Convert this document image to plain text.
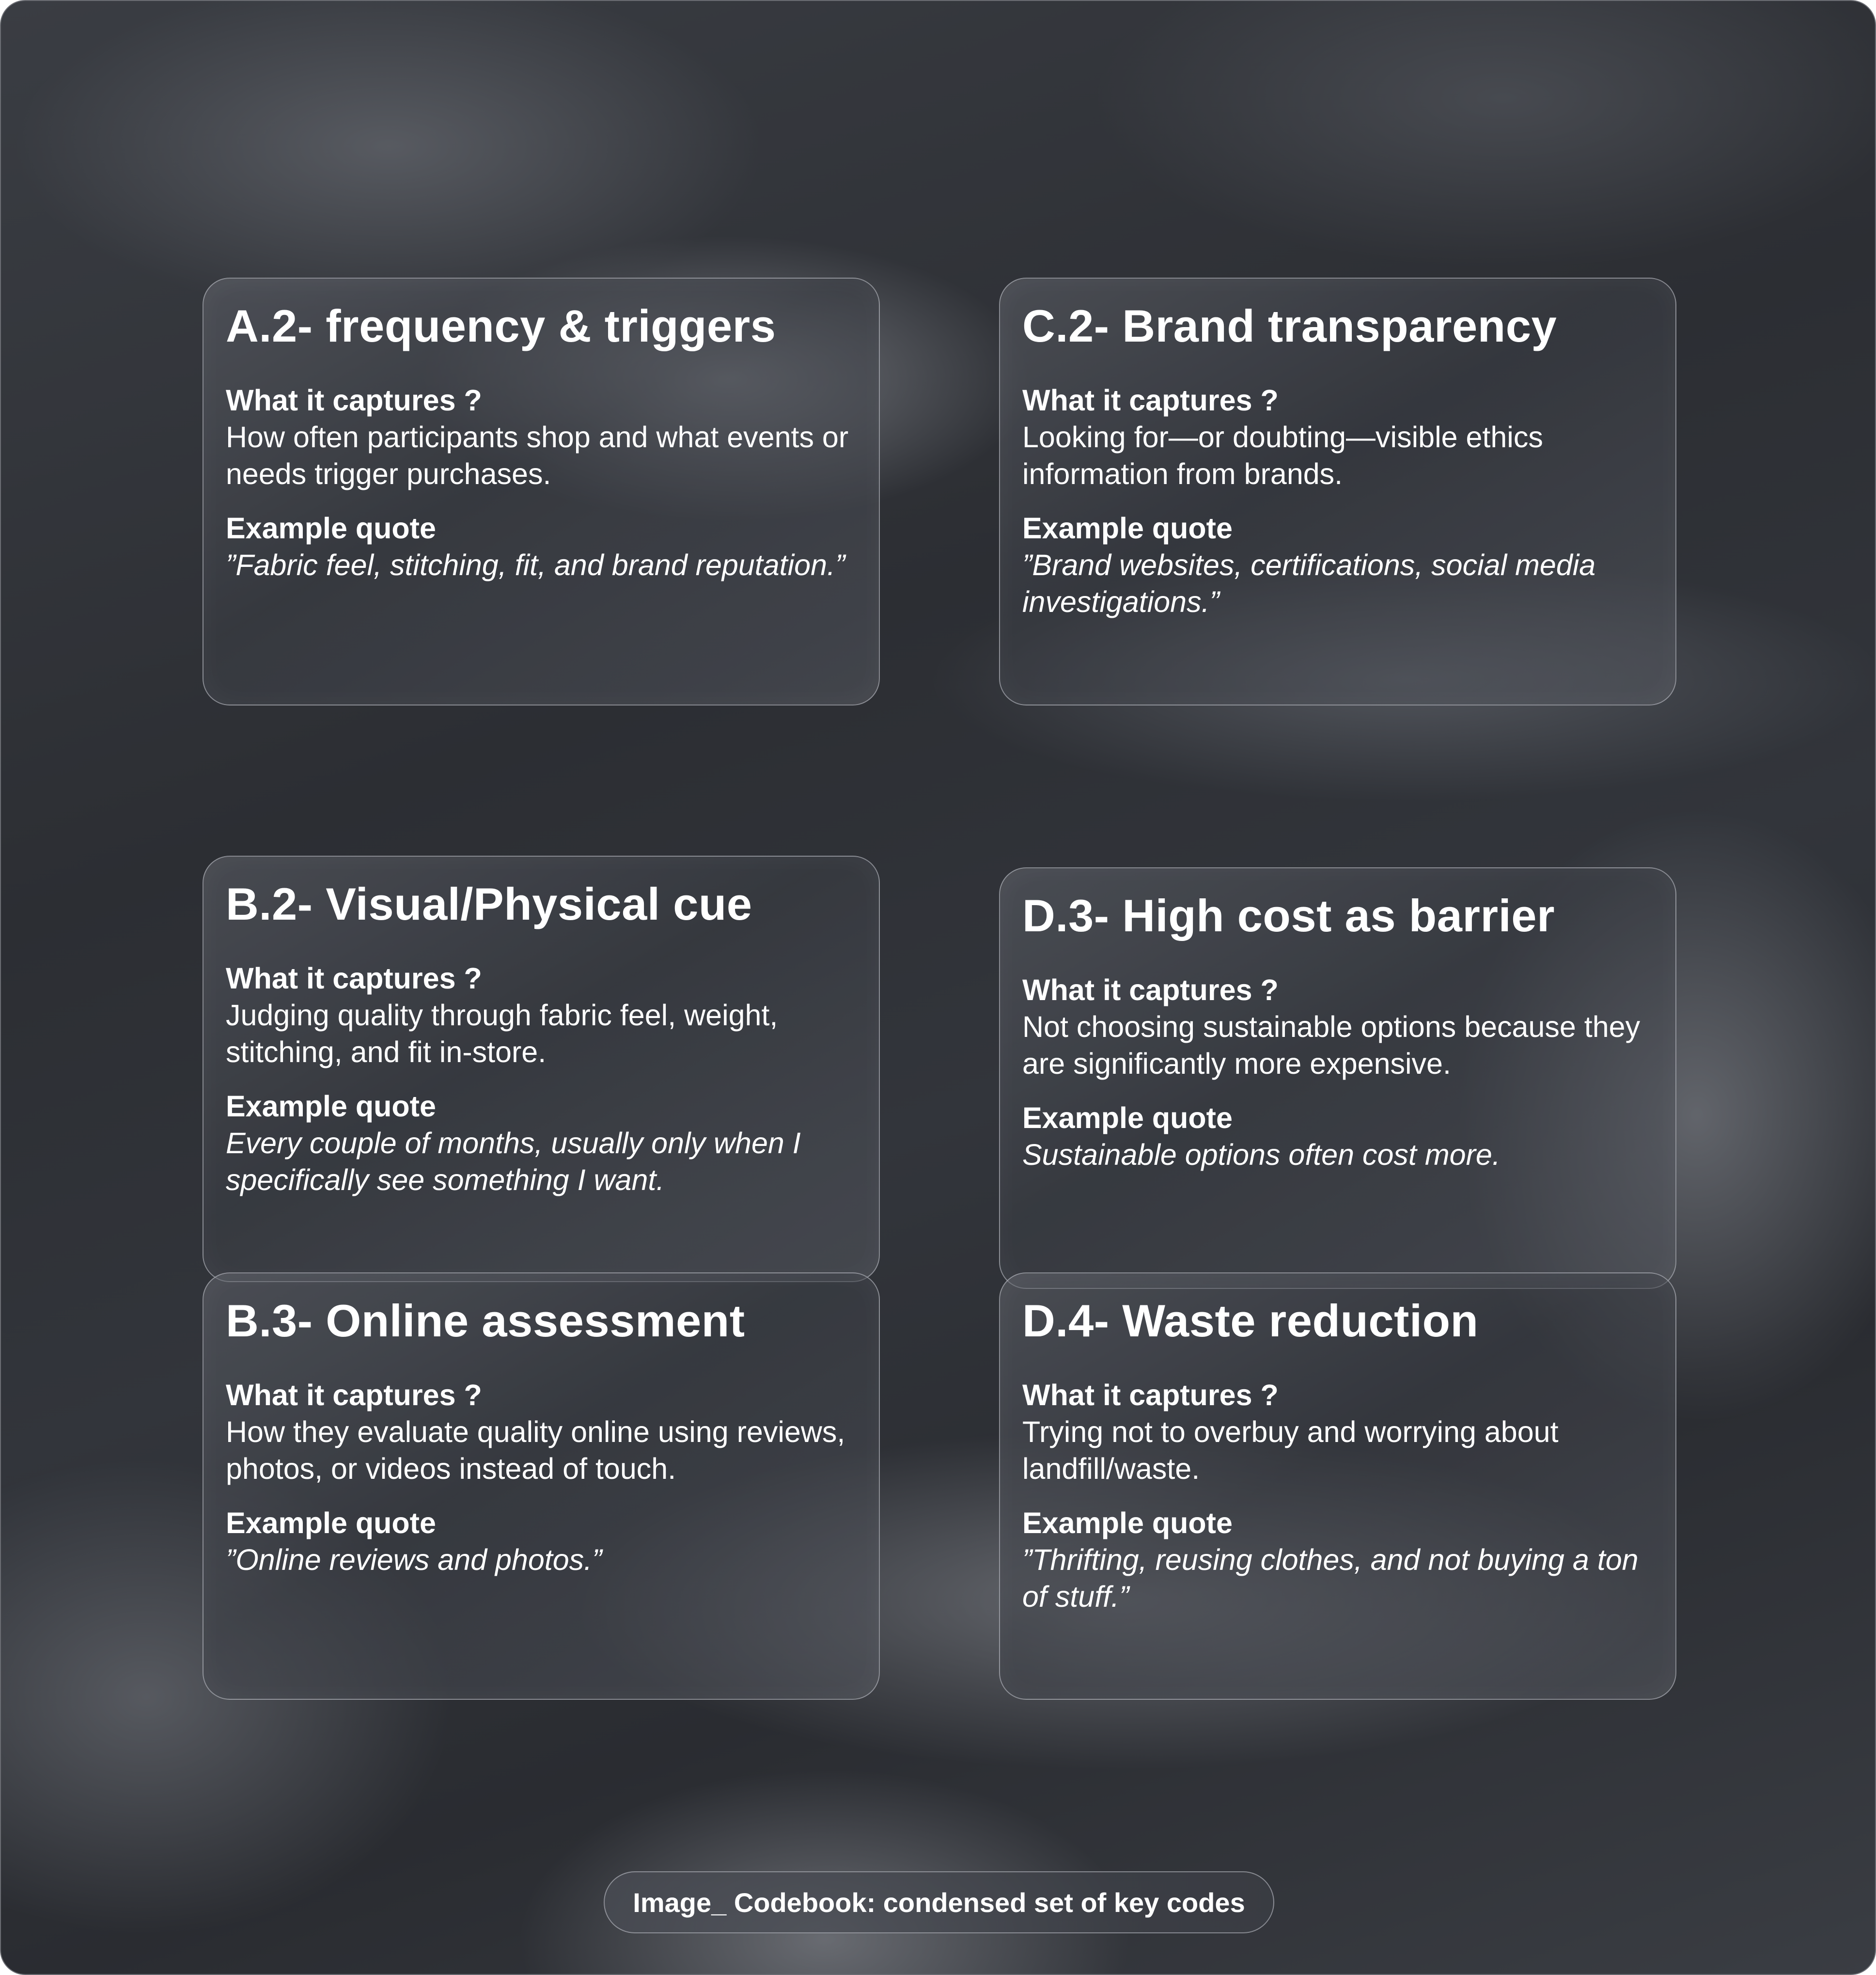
A.2- frequency & triggers
What it captures ?
How often participants shop and what events or needs trigger purchases.
Example quote
”Fabric feel, stitching, fit, and brand reputation.”
C.2- Brand transparency
What it captures ?
Looking for—or doubting—visible ethics information from brands.
Example quote
”Brand websites, certifications, social media investigations.”
B.2- Visual/Physical cue
What it captures ?
Judging quality through fabric feel, weight, stitching, and fit in-store.
Example quote
Every couple of months, usually only when I specifically see something I want.
D.3- High cost as barrier
What it captures ?
Not choosing sustainable options because they are significantly more expensive.
Example quote
Sustainable options often cost more.
B.3- Online assessment
What it captures ?
How they evaluate quality online using reviews, photos, or videos instead of touch.
Example quote
”Online reviews and photos.”
D.4- Waste reduction
What it captures ?
Trying not to overbuy and worrying about landfill/waste.
Example quote
”Thrifting, reusing clothes, and not buying a ton of stuff.”
Image_ Codebook: condensed set of key codes
